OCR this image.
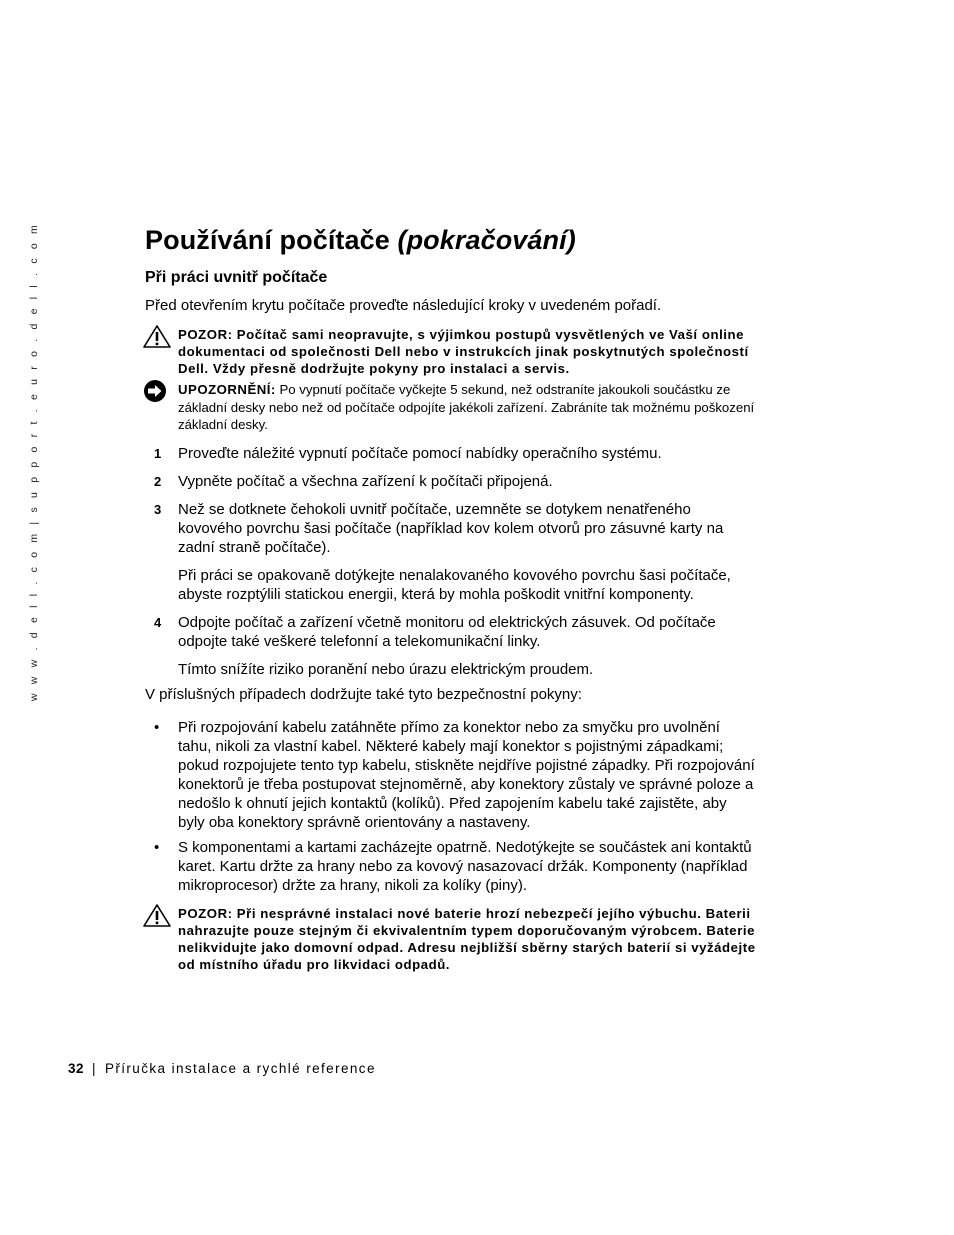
w w w . d e l l . c o m | s u p p o r t . e u r o . d e l l . c o m	Používání počítače (pokračování)
Při práci uvnitř počítače

Před otevřením krytu počítače proveďte následující kroky v uvedeném pořadí.

POZOR: Počítač sami neopravujte, s výjimkou postupů vysvětlených ve Vaší online dokumentaci od společnosti Dell nebo v instrukcích jinak poskytnutých společností Dell. Vždy přesně dodržujte pokyny pro instalaci a servis.
UPOZORNĚNÍ: Po vypnutí počítače vyčkejte 5 sekund, než odstraníte jakoukoli součástku ze základní desky nebo než od počítače odpojíte jakékoli zařízení. Zabráníte tak možnému poškození základní desky.
1 Proveďte náležité vypnutí počítače pomocí nabídky operačního systému.

2 Vypněte počítač a všechna zařízení k počítači připojená.

3 Než se dotknete čehokoli uvnitř počítače, uzemněte se dotykem nenatřeného kovového povrchu šasi počítače (například kov kolem otvorů pro zásuvné karty na zadní straně počítače).

Při práci se opakovaně dotýkejte nenalakovaného kovového povrchu šasi počítače, abyste rozptýlili statickou energii, která by mohla poškodit vnitřní komponenty.

4 Odpojte počítač a zařízení včetně monitoru od elektrických zásuvek. Od počítače odpojte také veškeré telefonní a telekomunikační linky.

Tímto snížíte riziko poranění nebo úrazu elektrickým proudem.

V příslušných případech dodržujte také tyto bezpečnostní pokyny:

• Při rozpojování kabelu zatáhněte přímo za konektor nebo za smyčku pro uvolnění tahu, nikoli za vlastní kabel. Některé kabely mají konektor s pojistnými západkami; pokud rozpojujete tento typ kabelu, stiskněte nejdříve pojistné západky. Při rozpojování konektorů je třeba postupovat stejnoměrně, aby konektory zůstaly ve správné poloze a nedošlo k ohnutí jejich kontaktů (kolíků). Před zapojením kabelu také zajistěte, aby byly oba konektory správně orientovány a nastaveny.

• S komponentami a kartami zacházejte opatrně. Nedotýkejte se součástek ani kontaktů karet. Kartu držte za hrany nebo za kovový nasazovací držák. Komponenty (například mikroprocesor) držte za hrany, nikoli za kolíky (piny).

POZOR: Při nesprávné instalaci nové baterie hrozí nebezpečí jejího výbuchu. Baterii nahrazujte pouze stejným či ekvivalentním typem doporučovaným výrobcem. Baterie nelikvidujte jako domovní odpad. Adresu nejbližší sběrny starých baterií si vyžádejte od místního úřadu pro likvidaci odpadů.
32 | Příručka instalace a rychlé reference
